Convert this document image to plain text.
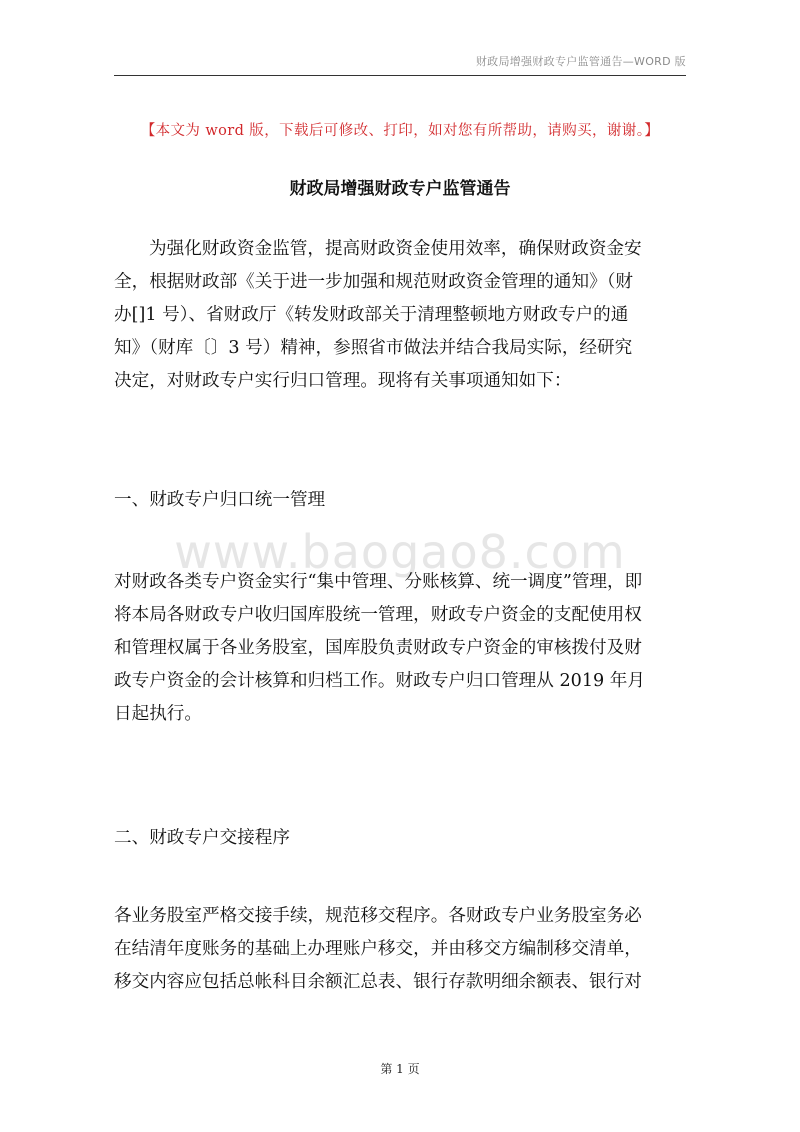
财政局增强财政专户监管通告—WORD 版
【本文为 word 版，下载后可修改、打印，如对您有所帮助，请购买，谢谢。】
财政局增强财政专户监管通告
为强化财政资金监管，提高财政资金使用效率，确保财政资金安
全，根据财政部《关于进一步加强和规范财政资金管理的通知》（财
办[]1 号）、省财政厅《转发财政部关于清理整顿地方财政专户的通
知》（财库〔〕3 号）精神，参照省市做法并结合我局实际，经研究
决定，对财政专户实行归口管理。现将有关事项通知如下：
一、财政专户归口统一管理
www.baogao8.com
对财政各类专户资金实行“集中管理、分账核算、统一调度”管理，即
将本局各财政专户收归国库股统一管理，财政专户资金的支配使用权
和管理权属于各业务股室，国库股负责财政专户资金的审核拨付及财
政专户资金的会计核算和归档工作。财政专户归口管理从 2019 年月
日起执行。
二、财政专户交接程序
各业务股室严格交接手续，规范移交程序。各财政专户业务股室务必
在结清年度账务的基础上办理账户移交，并由移交方编制移交清单，
移交内容应包括总帐科目余额汇总表、银行存款明细余额表、银行对
第 1 页
